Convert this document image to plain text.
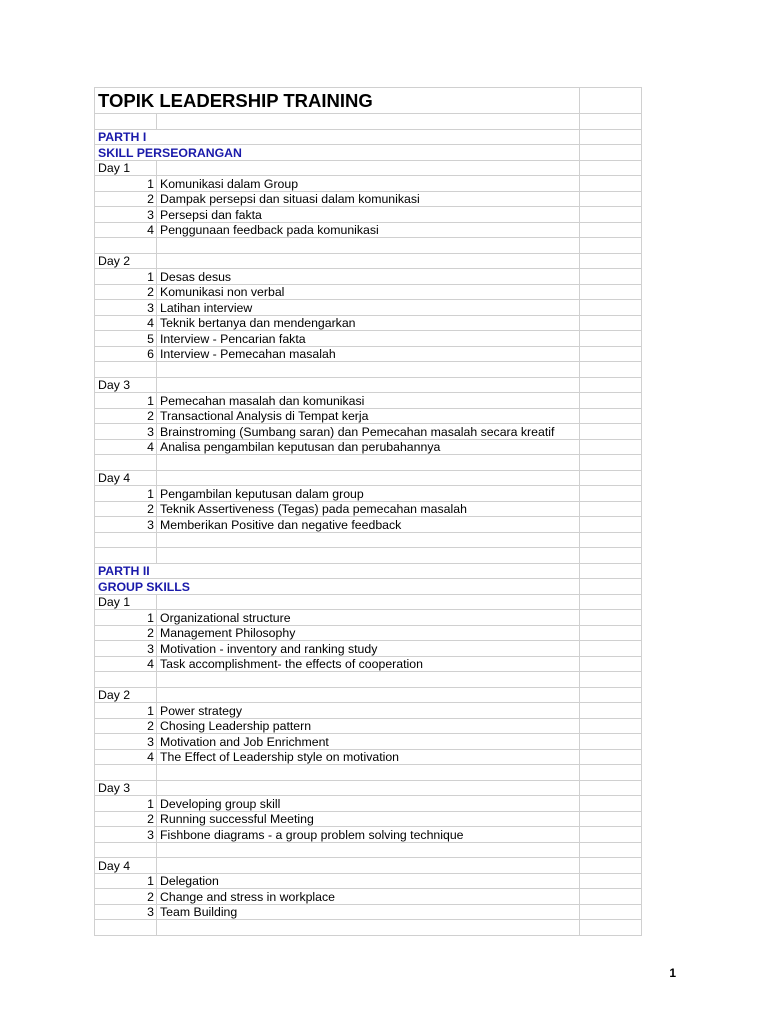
TOPIK LEADERSHIP TRAINING		

PARTH I		
SKILL PERSEORANGAN		
Day 1		
1	Komunikasi dalam Group	
2	Dampak persepsi dan situasi dalam komunikasi	
3	Persepsi dan fakta	
4	Penggunaan feedback pada komunikasi	

Day 2		
1	Desas desus	
2	Komunikasi non verbal	
3	Latihan interview	
4	Teknik bertanya dan mendengarkan	
5	Interview - Pencarian fakta	
6	Interview - Pemecahan masalah	

Day 3		
1	Pemecahan masalah dan komunikasi	
2	Transactional Analysis di Tempat kerja	
3	Brainstroming (Sumbang saran) dan Pemecahan masalah secara kreatif	
4	Analisa pengambilan keputusan dan perubahannya	

Day 4		
1	Pengambilan keputusan dalam group	
2	Teknik Assertiveness (Tegas) pada pemecahan masalah	
3	Memberikan Positive dan negative feedback	

PARTH II		
GROUP SKILLS		
Day 1		
1	Organizational structure	
2	Management Philosophy	
3	Motivation - inventory and ranking study	
4	Task accomplishment- the effects of cooperation	

Day 2		
1	Power strategy	
2	Chosing Leadership pattern	
3	Motivation and Job Enrichment	
4	The Effect of Leadership style on motivation	

Day 3		
1	Developing group skill	
2	Running successful Meeting	
3	Fishbone diagrams - a group problem solving technique	

Day 4		
1	Delegation	
2	Change and stress in workplace	
3	Team Building	

1
